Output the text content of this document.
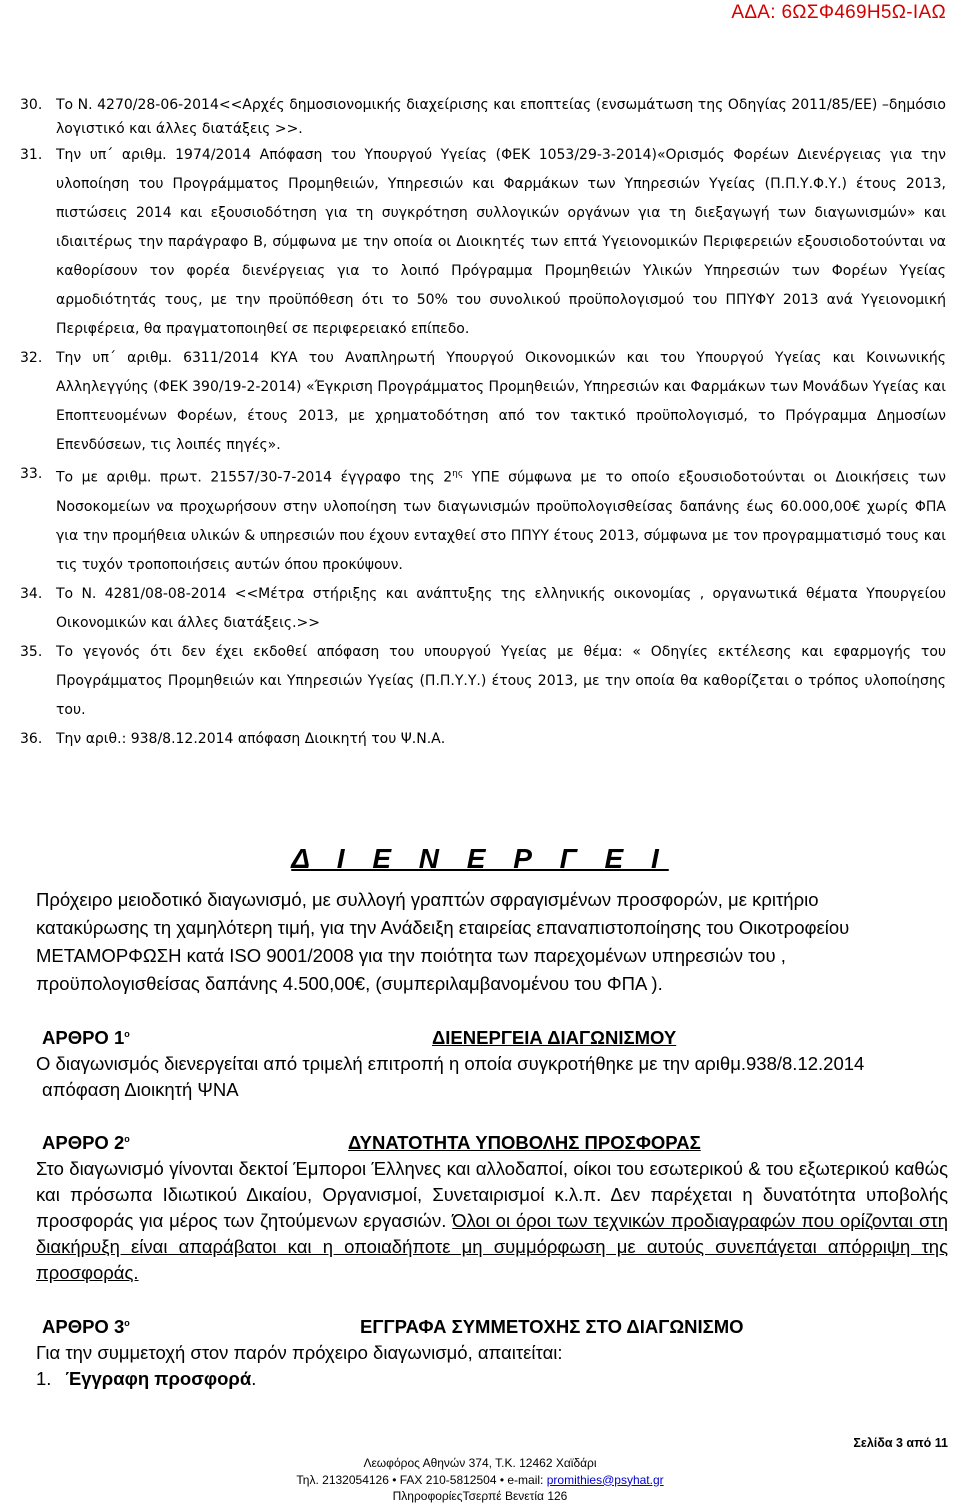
ΑΔΑ: 6ΩΣΦ469Η5Ω-ΙΑΩ
30. Το Ν. 4270/28-06-2014<<Αρχές δημοσιονομικής διαχείρισης και εποπτείας (ενσωμάτωση της Οδηγίας 2011/85/ΕΕ) –δημόσιο λογιστικό και άλλες διατάξεις >>.
31. Την υπ΄ αριθμ. 1974/2014 Απόφαση του Υπουργού Υγείας (ΦΕΚ 1053/29-3-2014)«Ορισμός Φορέων Διενέργειας για την υλοποίηση του Προγράμματος Προμηθειών, Υπηρεσιών και Φαρμάκων των Υπηρεσιών Υγείας (Π.Π.Υ.Φ.Υ.) έτους 2013, πιστώσεις 2014 και εξουσιοδότηση για τη συγκρότηση συλλογικών οργάνων για τη διεξαγωγή των διαγωνισμών» και ιδιαιτέρως την παράγραφο Β, σύμφωνα με την οποία οι Διοικητές των επτά Υγειονομικών Περιφερειών εξουσιοδοτούνται να καθορίσουν τον φορέα διενέργειας για το λοιπό Πρόγραμμα Προμηθειών Υλικών Υπηρεσιών των Φορέων Υγείας αρμοδιότητάς τους, με την προϋπόθεση ότι το 50% του συνολικού προϋπολογισμού του ΠΠΥΦΥ 2013 ανά Υγειονομική Περιφέρεια, θα πραγματοποιηθεί σε περιφερειακό επίπεδο.
32. Την υπ΄ αριθμ. 6311/2014 ΚΥΑ του Αναπληρωτή Υπουργού Οικονομικών και του Υπουργού Υγείας και Κοινωνικής Αλληλεγγύης (ΦΕΚ 390/19-2-2014) «Έγκριση Προγράμματος Προμηθειών, Υπηρεσιών και Φαρμάκων των Μονάδων Υγείας και Εποπτευομένων Φορέων, έτους 2013, με χρηματοδότηση από τον τακτικό προϋπολογισμό, το Πρόγραμμα Δημοσίων Επενδύσεων, τις λοιπές πηγές».
33. Το με αριθμ. πρωτ. 21557/30-7-2014 έγγραφο της $2^{\eta\varsigma}$ ΥΠΕ σύμφωνα με το οποίο εξουσιοδοτούνται οι Διοικήσεις των Νοσοκομείων να προχωρήσουν στην υλοποίηση των διαγωνισμών προϋπολογισθείσας δαπάνης έως 60.000,00€ χωρίς ΦΠΑ για την προμήθεια υλικών & υπηρεσιών που έχουν ενταχθεί στο ΠΠΥΥ έτους 2013, σύμφωνα με τον προγραμματισμό τους και τις τυχόν τροποποιήσεις αυτών όπου προκύψουν.
34. Το Ν. 4281/08-08-2014 <<Μέτρα στήριξης και ανάπτυξης της ελληνικής οικονομίας , οργανωτικά θέματα Υπουργείου Οικονομικών και άλλες διατάξεις.>>
35. Το γεγονός ότι δεν έχει εκδοθεί απόφαση του υπουργού Υγείας με θέμα: « Οδηγίες εκτέλεσης και εφαρμογής του Προγράμματος Προμηθειών και Υπηρεσιών Υγείας (Π.Π.Υ.Υ.) έτους 2013, με την οποία θα καθορίζεται ο τρόπος υλοποίησης του.
36. Την αριθ.: 938/8.12.2014 απόφαση Διοικητή του Ψ.Ν.Α.
Δ Ι Ε Ν Ε Ρ Γ Ε Ι
Πρόχειρο μειοδοτικό διαγωνισμό, με συλλογή γραπτών σφραγισμένων προσφορών, με κριτήριο
κατακύρωσης τη χαμηλότερη τιμή, για την Ανάδειξη εταιρείας επαναπιστοποίησης του Οικοτροφείου
ΜΕΤΑΜΟΡΦΩΣΗ κατά ISO 9001/2008 για την ποιότητα των παρεχομένων υπηρεσιών του ,
προϋπολογισθείσας δαπάνης 4.500,00€, (συμπεριλαμβανομένου του ΦΠΑ ).
ΑΡΘΡΟ $1^o$	ΔΙΕΝΕΡΓΕΙΑ ΔΙΑΓΩΝΙΣΜΟΥ
Ο διαγωνισμός διενεργείται από τριμελή επιτροπή η οποία συγκροτήθηκε με την αριθμ.938/8.12.2014
απόφαση Διοικητή ΨΝΑ
ΑΡΘΡΟ $2^o$	ΔΥΝΑΤΟΤΗΤΑ ΥΠΟΒΟΛΗΣ ΠΡΟΣΦΟΡΑΣ
Στο διαγωνισμό γίνονται δεκτοί Έμποροι Έλληνες και αλλοδαποί, οίκοι του εσωτερικού & του εξωτερικού καθώς και πρόσωπα Ιδιωτικού Δικαίου, Οργανισμοί, Συνεταιρισμοί κ.λ.π. Δεν παρέχεται η δυνατότητα υποβολής προσφοράς για μέρος των ζητούμενων εργασιών. Όλοι οι όροι των τεχνικών προδιαγραφών που ορίζονται στη διακήρυξη είναι απαράβατοι και η οποιαδήποτε μη συμμόρφωση με αυτούς συνεπάγεται απόρριψη της προσφοράς.
ΑΡΘΡΟ $3^o$	ΕΓΓΡΑΦΑ ΣΥΜΜΕΤΟΧΗΣ ΣΤΟ ΔΙΑΓΩΝΙΣΜΟ
Για την συμμετοχή στον παρόν πρόχειρο διαγωνισμό, απαιτείται:
1. Έγγραφη προσφορά.
Σελίδα 3 από 11
Λεωφόρος Αθηνών 374, Τ.Κ. 12462 Χαϊδάρι
Τηλ. 2132054126 • FAX 210-5812504 • e-mail: promithies@psyhat.gr
ΠληροφορίεςΤσερπέ Βενετία 126
